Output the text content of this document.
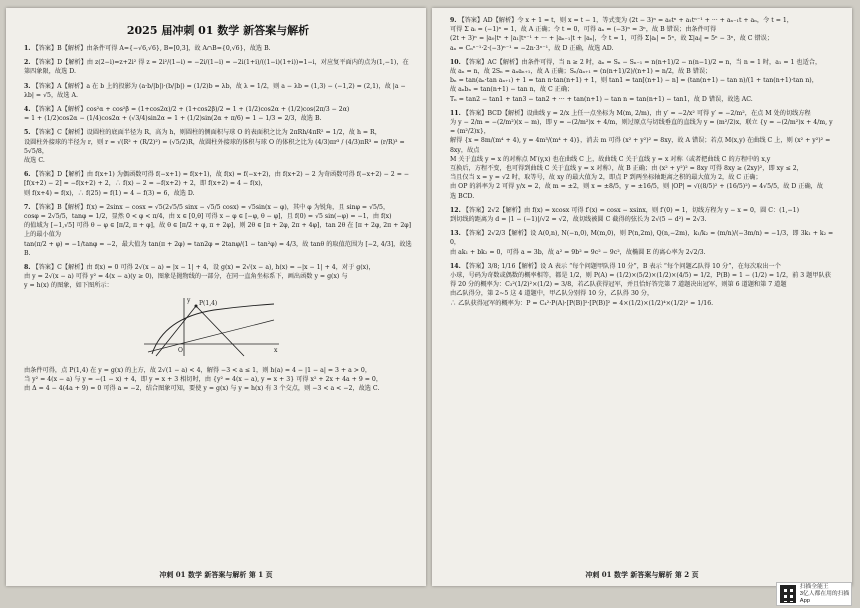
2025 届冲刺 01 数学 新答案与解析
1. 【答案】B【解析】由条件可得 A={−√6,√6}, B=[0,3]，故 A∩B={0,√6}，故选 B.
2. 【答案】D【解析】由 z(2−i)=z+2i² 得 z = 2i²/(1−i) = −2i/(1−i) = −2i(1+i)/((1−i)(1+i))=1−i，对应复平面内的点为(1,−1)，在第四象限，故选 D.
3. 【答案】A【解析】a 在 b 上的投影为 (a·b/|b|)·(b/|b|) = (1/2)b = λb，故 λ = 1/2，则 a − λb = (1,3) − (−1,2) = (2,1)，故 |a − λb| = √5，故选 A.
4. 【答案】A【解析】cos²α + cos²β = (1+cos2α)/2 + (1+cos2β)/2 = 1 + (1/2)cos2α + (1/2)cos(2π/3 − 2α)
= 1 + (1/2)cos2α − (1/4)cos2α + (√3/4)sin2α = 1 + (1/2)sin(2α + π/6) = 1 − 1/3 = 2/3，故选 B.
5. 【答案】C【解析】设圆柱的底面半径为 R，高为 h，则圆柱的侧面积与球 O 的表面积之比为 2πRh/4πR² = 1/2，故 h = R，
设圆柱外接球的半径为 r，则 r = √(R² + (R/2)²) = (√5/2)R，故圆柱外接球的体积与球 O 的体积之比为 (4/3)πr³ / (4/3)πR³ = (r/R)³ = 5√5/8，
故选 C.
6. 【答案】D【解析】由 f(x+1) 为偶函数可得 f(−x+1) = f(x+1)，故 f(x) = f(−x+2)，由 f(x+2) − 2 为奇函数可得 f(−x+2) − 2 = −[f(x+2) − 2] = −f(x+2) + 2，∴ f(x) − 2 = −f(x+2) + 2，即 f(x+2) = 4 − f(x)，
则 f(x+4) = f(x)，∴ f(25) = f(1) = 4 − f(3) = 6，故选 D.
7. 【答案】B【解析】f(x) = 2sinx − cosx = √5(2√5/5 sinx − √5/5 cosx) = √5sin(x − φ)，其中 φ 为锐角，且 sinφ = √5/5，
cosφ = 2√5/5，tanφ = 1/2，显然 0 < φ < π/4，由 x ∈ [0,θ] 可得 x − φ ∈ [−φ, θ − φ]，且 f(0) = √5 sin(−φ) = −1，由 f(x)
的值域为 [−1,√5] 可得 θ − φ ∈ [π/2, π + φ]，故 θ ∈ [π/2 + φ, π + 2φ]，则 2θ ∈ [π + 2φ, 2π + 4φ]，tan 2θ 在 [π + 2φ, 2π + 2φ] 上的最小值为
tan(π/2 + φ) = −1/tanφ = −2，最大值为 tan(π + 2φ) = tan2φ = 2tanφ/(1 − tan²φ) = 4/3，故 tanθ 的取值范围为 [−2, 4/3]，故选 B.
8. 【答案】C【解析】由 f(x) = 0 可得 2√(x − a) = |x − 1| + 4，设 g(x) = 2√(x − a), h(x) = −|x − 1| + 4，对于 g(x)，
由 y = 2√(x − a) 可得 y² = 4(x − a)(y ≥ 0)，图象是抛物线的一部分，在同一直角坐标系下，画出函数 y = g(x) 与
y = h(x) 的图象，如下图所示：
P(1,4)
y
x
O
由条件可得，点 P(1,4) 在 y = g(x) 的上方，故 2√(1 − a) < 4，解得 −3 < a ≤ 1，则 h(a) = 4 − |1 − a| = 3 + a > 0，
当 y² = 4(x − a) 与 y = −(1 − x) + 4，即 y = x + 3 相切时，由 {y² = 4(x − a), y = x + 3} 可得 x² + 2x + 4a + 9 = 0，
由 Δ = 4 − 4(4a + 9) = 0 可得 a = −2，结合图象可知，要使 y = g(x) 与 y = h(x) 有 3 个交点，则 −3 < a < −2，故选 C.
冲刺 01 数学 新答案与解析 第 1 页
9. 【答案】AD【解析】令 x + 1 = t，则 x = t − 1，等式变为 (2t − 3)ⁿ = a₀tⁿ + a₁tⁿ⁻¹ + ··· + aₙ₋₁t + aₙ，令 t = 1，
可得 Σ aᵢ = (−1)ⁿ = 1，故 A 正确；令 t = 0，可得 aₙ = (−3)ⁿ = 3ⁿ，故 B 错误；由条件可得
(2t + 3)ⁿ = |a₀|tⁿ + |a₁|tⁿ⁻¹ + ··· + |aₙ₋₁|t + |aₙ|，令 t = 1，可得 Σ|aᵢ| = 5ⁿ，故 Σ|aᵢ| = 5ⁿ − 3ⁿ，故 C 错误；
aₙ = Cₙⁿ⁻¹·2·(−3)ⁿ⁻¹ = −2n·3ⁿ⁻¹，故 D 正确，故选 AD.
10. 【答案】AC【解析】由条件可得，当 n ≥ 2 时，aₙ = Sₙ − Sₙ₋₁ = n(n+1)/2 − n(n−1)/2 = n，当 n = 1 时，a₁ = 1 也适合，
故 aₙ = n，故 2Sₙ = aₙaₙ₊₁，故 A 正确；Sₙ/aₙ₊₁ = (n(n+1)/2)/(n+1) = n/2，故 B 错误；
bₙ = tan(aₙ·tan aₙ₊₁) + 1 = tan n·tan(n+1) + 1，则 tan1 = tan[(n+1) − n] = (tan(n+1) − tan n)/(1 + tan(n+1)·tan n)，
故 aₙbₙ = tan(n+1) − tan n，故 C 正确；
Tₙ = tan2 − tan1 + tan3 − tan2 + ··· + tan(n+1) − tan n = tan(n+1) − tan1，故 D 错误，故选 AC.
11. 【答案】BCD【解析】设曲线 y = 2/x 上任一点坐标为 M(m, 2/m)，由 y′ = −2/x² 可得 y′ = −2/m²，在点 M 处的切线方程
为 y − 2/m = −(2/m²)(x − m)，即 y = −(2/m²)x + 4/m，则过原点与切线垂直的直线为 y = (m²/2)x，联立 {y = −(2/m²)x + 4/m, y = (m²/2)x}，
解得 {x = 8m/(m⁴ + 4), y = 4m³/(m⁴ + 4)}，消去 m 可得 (x² + y²)² = 8xy，故 A 错误；若点 M(x,y) 在曲线 C 上，则 (x² + y²)² = 8xy，故点
M 关于直线 y = x 的对称点 M′(y,x) 也在曲线 C 上，故曲线 C 关于直线 y = x 对称（或者把曲线 C 的方程中的 x,y
互换后，方程不变，也可得到曲线 C 关于直线 y = x 对称），故 B 正确；由 (x² + y²)² = 8xy 可得 8xy ≥ (2xy)²，即 xy ≤ 2，
当且仅当 x = y = √2 时，取等号，故 xy 的最大值为 2，即点 P 到两坐标轴距离之积的最大值为 2，故 C 正确；
由 OP 的斜率为 2 可得 y/x = 2，故 m = ±2，则 x = ±8/5，y = ±16/5，则 |OP| = √((8/5)² + (16/5)²) = 4√5/5，故 D 正确，故
选 BCD.
12. 【答案】2√2【解析】由 f(x) = xcosx 可得 f′(x) = cosx − xsinx，则 f′(0) = 1，切线方程为 y − x = 0，圆 C：(1,−1)
到切线的距离为 d = |1 − (−1)|/√2 = √2，故切线被圆 C 截得的弦长为 2√(5 − d²) = 2√3.
13. 【答案】2√2/3【解析】设 A(0,n), N(−n,0), M(m,0)，则 P(n,2m), Q(n,−2m)，k₁/k₂ = (m/n)/(−3m/n) = −1/3，即 3k₁ + k₂ = 0，
由 ak₁ + bk₂ = 0，可得 a = 3b，故 a² = 9b² = 9c² − 9c²，故椭圆 E 的离心率为 2√2/3.
14. 【答案】3/8; 1/16【解析】设 A 表示 “每个问题甲队得 10 分”，B 表示 “每个问题乙队得 10 分”，在每次取出一个
小球，号码为奇数或偶数的概率相等，都是 1/2，则 P(A) = (1/2)×(5/2)×(1/2)×(4/5) = 1/2，P(B) = 1 − (1/2) = 1/2，前 3 题甲队获
得 20 分的概率为：C₃²(1/2)²×(1/2) = 3/8，若乙队获得冠军，并且恰好答完第 7 道题决出冠军，则第 6 道题和第 7 道题
由乙队得分，第 2~5 这 4 道题中，甲乙队分别得 10 分，乙队得 30 分，
∴ 乙队获得冠军的概率为：P = C₄²·P(A)·[P(B)]²·[P(B)]² = 4×(1/2)×(1/2)⁴×(1/2)² = 1/16.
冲刺 01 数学 新答案与解析 第 2 页
扫描全能王
3亿人都在用的扫描App
